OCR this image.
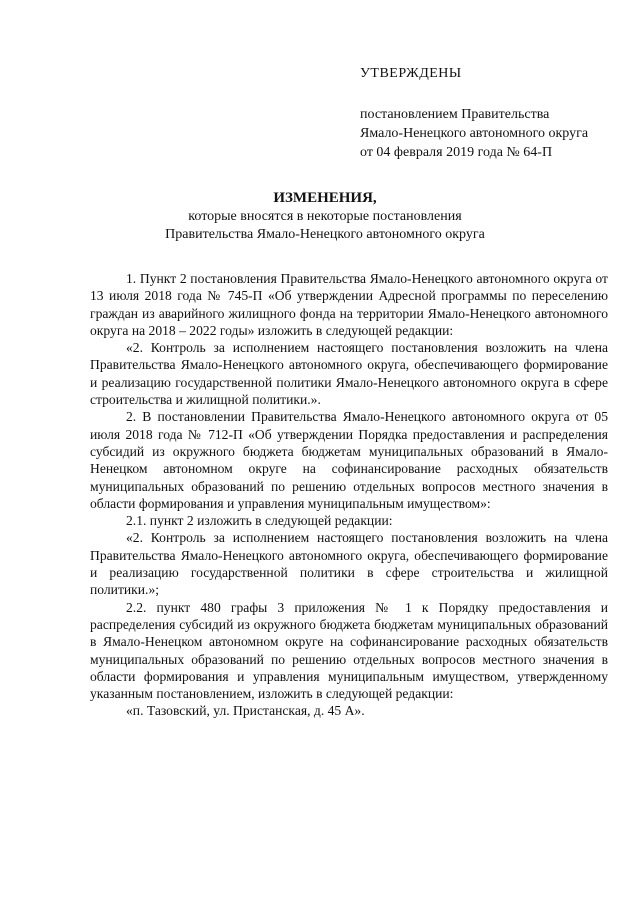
УТВЕРЖДЕНЫ
постановлением Правительства
Ямало-Ненецкого автономного округа
от 04 февраля 2019 года № 64-П
ИЗМЕНЕНИЯ,
которые вносятся в некоторые постановления
Правительства Ямало-Ненецкого автономного округа

1. Пункт 2 постановления Правительства Ямало-Ненецкого автономного округа от 13 июля 2018 года № 745-П «Об утверждении Адресной программы по переселению граждан из аварийного жилищного фонда на территории Ямало-Ненецкого автономного округа на 2018 – 2022 годы» изложить в следующей редакции:

«2. Контроль за исполнением настоящего постановления возложить на члена Правительства Ямало-Ненецкого автономного округа, обеспечивающего формирование и реализацию государственной политики Ямало-Ненецкого автономного округа в сфере строительства и жилищной политики.».

2. В постановлении Правительства Ямало-Ненецкого автономного округа от 05 июля 2018 года № 712-П «Об утверждении Порядка предоставления и распределения субсидий из окружного бюджета бюджетам муниципальных образований в Ямало-Ненецком автономном округе на софинансирование расходных обязательств муниципальных образований по решению отдельных вопросов местного значения в области формирования и управления муниципальным имуществом»:

2.1. пункт 2 изложить в следующей редакции:

«2. Контроль за исполнением настоящего постановления возложить на члена Правительства Ямало-Ненецкого автономного округа, обеспечивающего формирование и реализацию государственной политики в сфере строительства и жилищной политики.»;

2.2. пункт 480 графы 3 приложения № 1 к Порядку предоставления и распределения субсидий из окружного бюджета бюджетам муниципальных образований в Ямало-Ненецком автономном округе на софинансирование расходных обязательств муниципальных образований по решению отдельных вопросов местного значения в области формирования и управления муниципальным имуществом, утвержденному указанным постановлением, изложить в следующей редакции:

«п. Тазовский, ул. Пристанская, д. 45 А».
